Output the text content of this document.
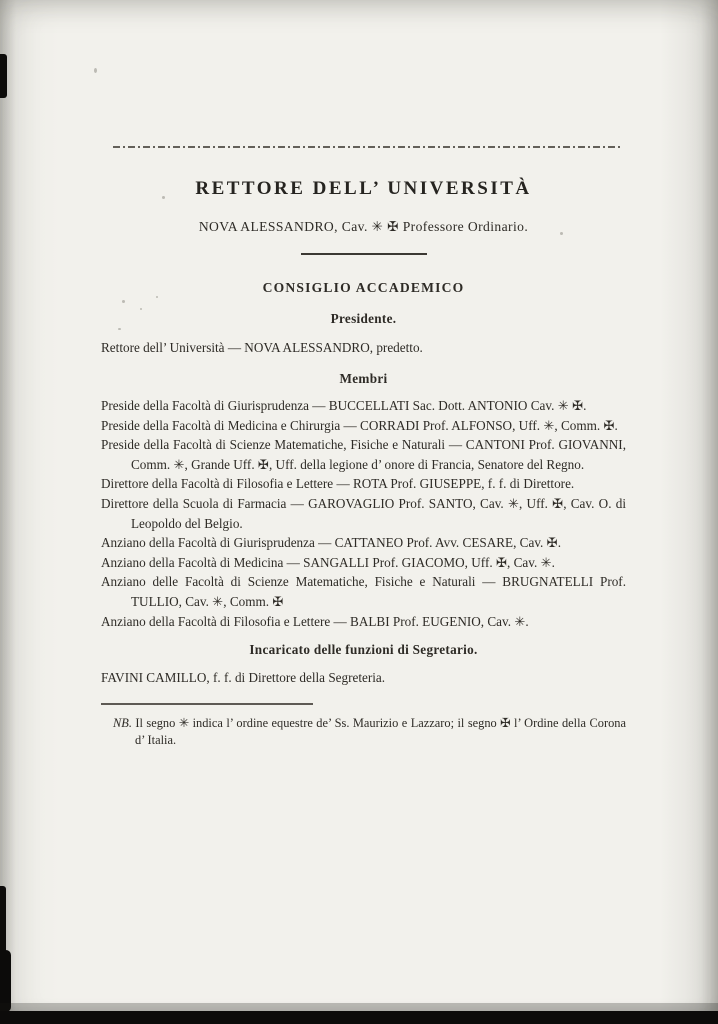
RETTORE DELL’ UNIVERSITÀ

NOVA ALESSANDRO, Cav. ✳ ✠ Professore Ordinario.

CONSIGLIO ACCADEMICO
Presidente.

Rettore dell’ Università — NOVA ALESSANDRO, predetto.

Membri

Preside della Facoltà di Giurisprudenza — BUCCELLATI Sac. Dott. ANTONIO Cav. ✳ ✠.

Preside della Facoltà di Medicina e Chirurgia — CORRADI Prof. ALFONSO, Uff. ✳, Comm. ✠.

Preside della Facoltà di Scienze Matematiche, Fisiche e Naturali — CANTONI Prof. GIOVANNI, Comm. ✳, Grande Uff. ✠, Uff. della legione d’ onore di Francia, Senatore del Regno.

Direttore della Facoltà di Filosofia e Lettere — ROTA Prof. GIUSEPPE, f. f. di Direttore.

Direttore della Scuola di Farmacia — GAROVAGLIO Prof. SANTO, Cav. ✳, Uff. ✠, Cav. O. di Leopoldo del Belgio.

Anziano della Facoltà di Giurisprudenza — CATTANEO Prof. Avv. CESARE, Cav. ✠.

Anziano della Facoltà di Medicina — SANGALLI Prof. GIACOMO, Uff. ✠, Cav. ✳.

Anziano delle Facoltà di Scienze Matematiche, Fisiche e Naturali — BRUGNATELLI Prof. TULLIO, Cav. ✳, Comm. ✠

Anziano della Facoltà di Filosofia e Lettere — BALBI Prof. EUGENIO, Cav. ✳.

Incaricato delle funzioni di Segretario.

FAVINI CAMILLO, f. f. di Direttore della Segreteria.

NB. Il segno ✳ indica l’ ordine equestre de’ Ss. Maurizio e Lazzaro; il segno ✠ l’ Ordine della Corona d’ Italia.
